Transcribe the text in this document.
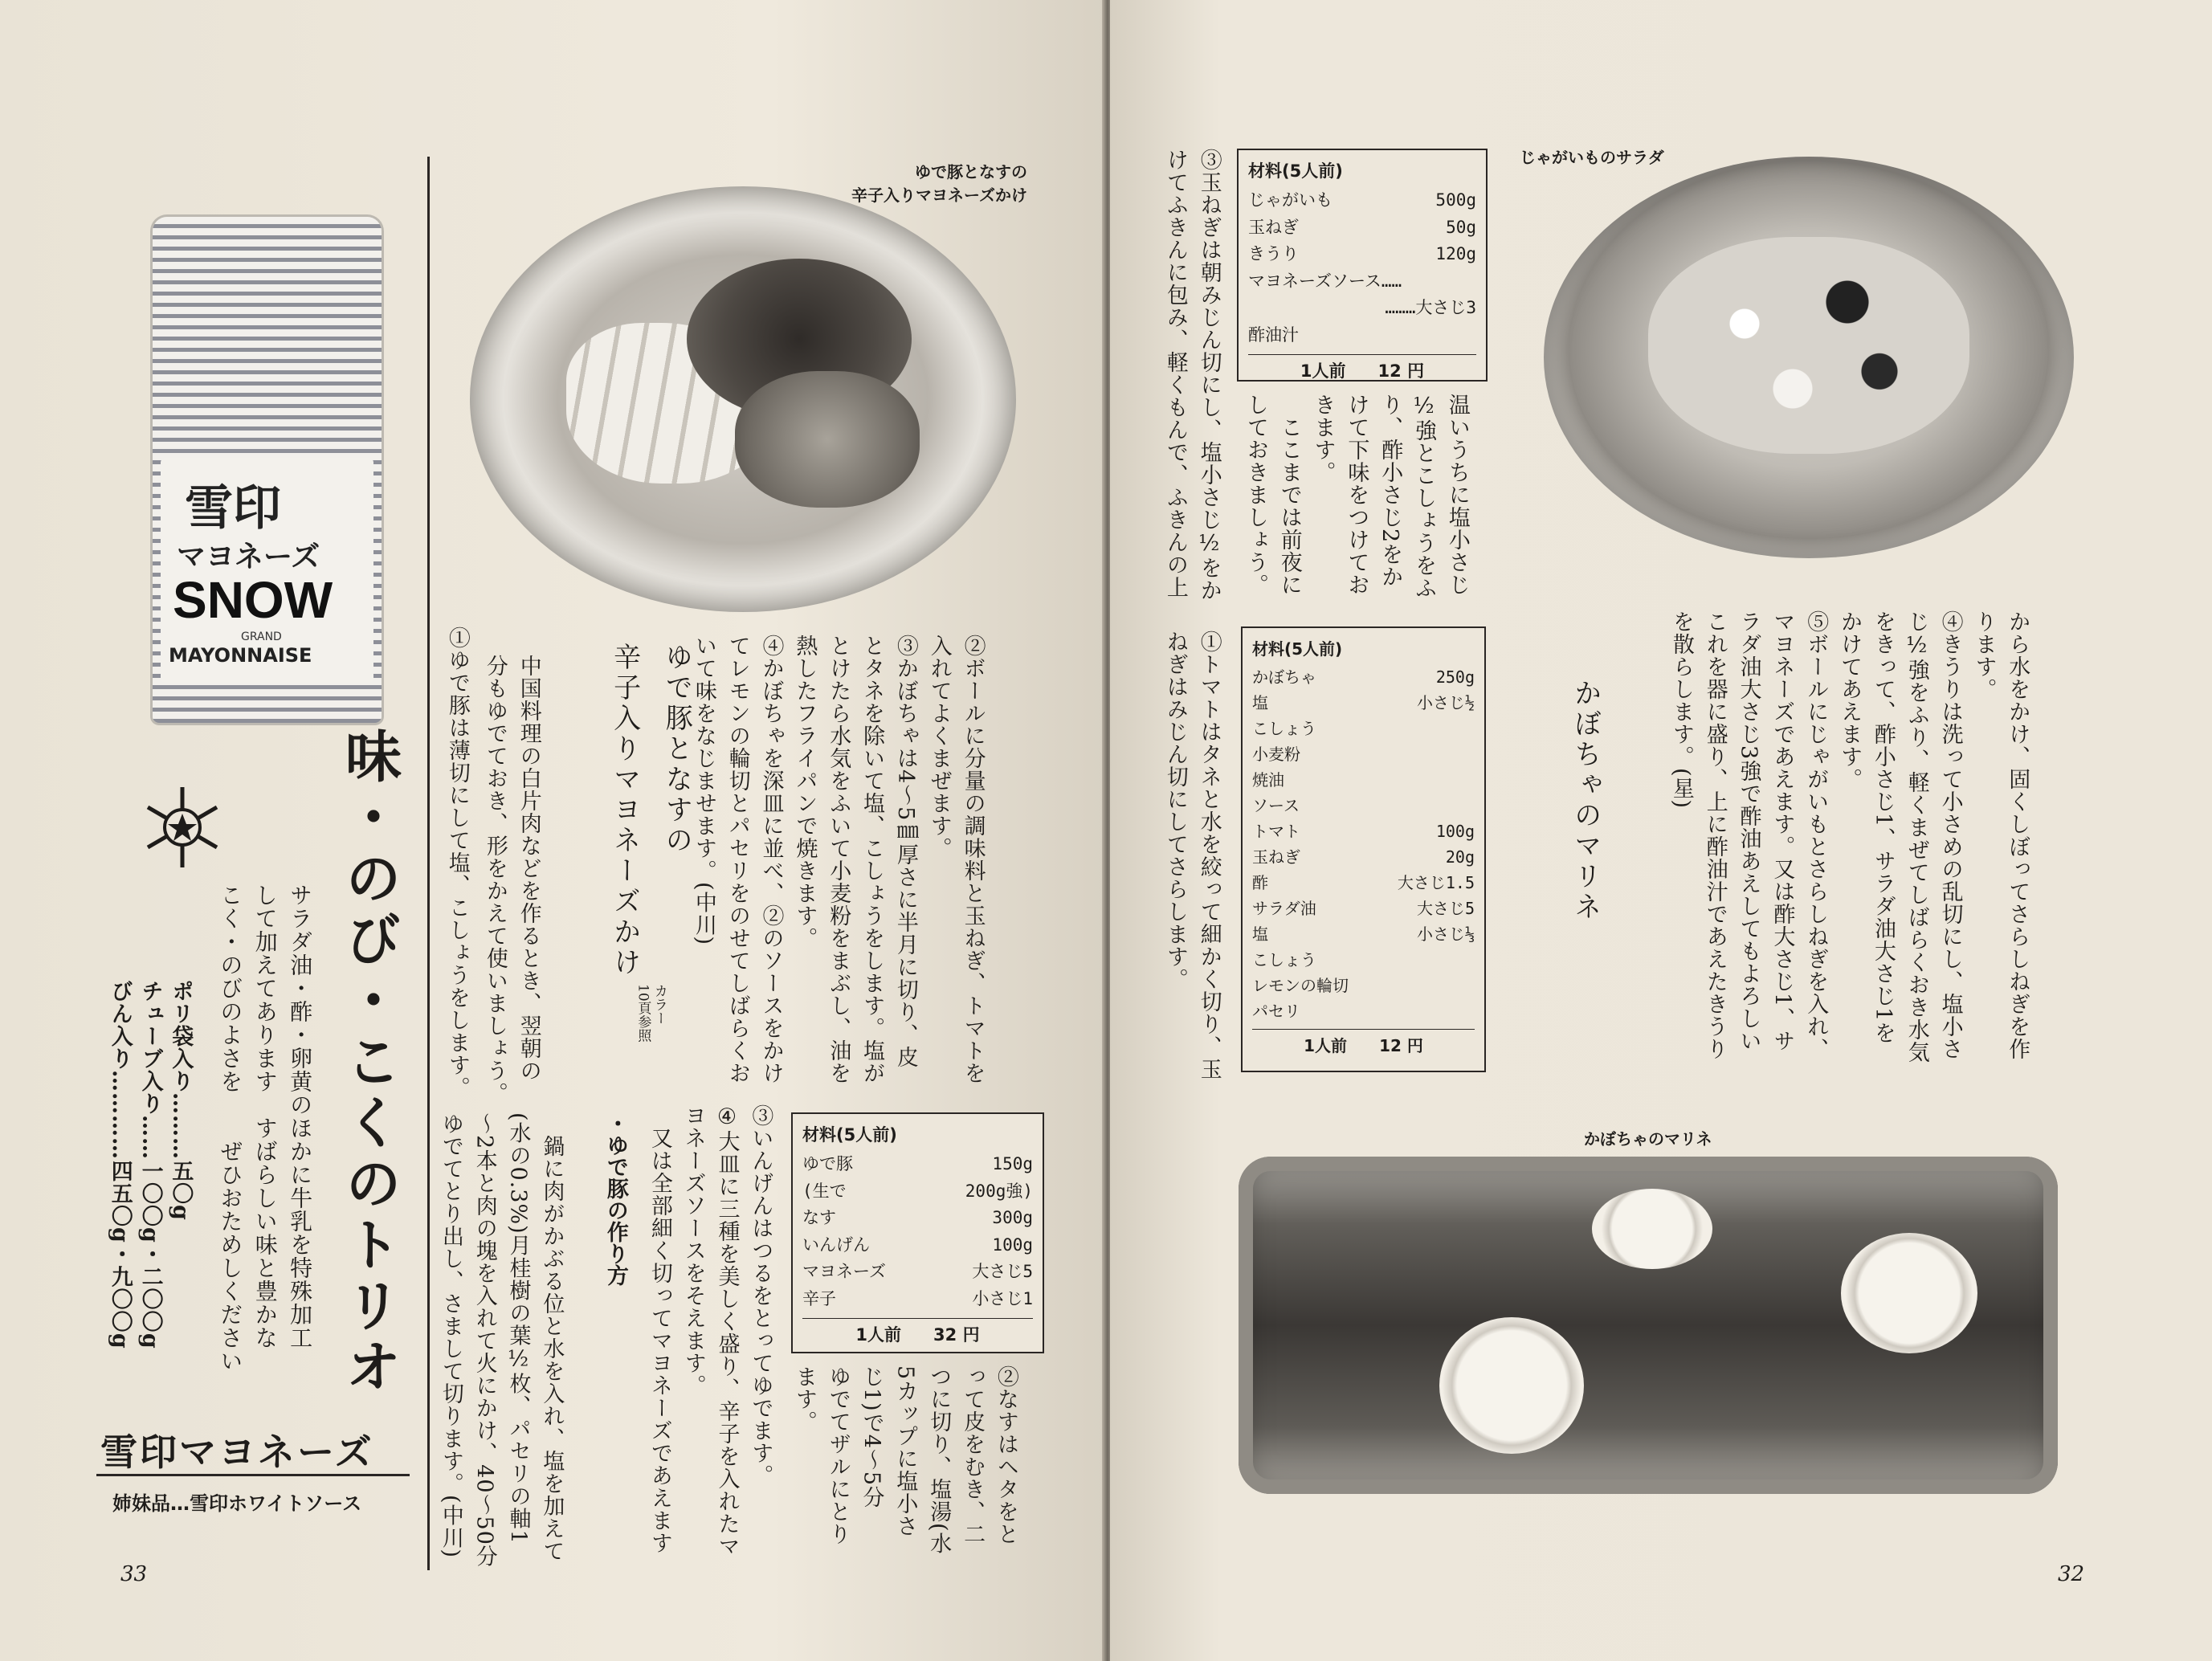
雪印
マヨネーズ
SNOW
GRAND
MAYONNAISE
味・のび・こくのトリオ
サラダ油・酢・卵黄のほかに牛乳を特殊加工
して加えてあります　すばらしい味と豊かな
こく・のびのよさを　　ぜひおためしください
ポリ袋入り………五〇g
チューブ入り……一〇〇g・二〇〇g
びん入り…………四五〇g・九〇〇g
雪印マヨネーズ
姉妹品…雪印ホワイトソース
33
ゆで豚となすの
辛子入りマヨネーズかけ
ゆで豚となすの
辛子入りマヨネーズかけ
カラー
10頁参照	②ボールに分量の調味料と玉ねぎ、トマトを
入れてよくまぜます。
③かぼちゃは4～5㎜厚さに半月に切り、皮
とタネを除いて塩、こしょうをします。塩が
とけたら水気をふいて小麦粉をまぶし、油を
熱したフライパンで焼きます。
④かぼちゃを深皿に並べ、②のソースをかけ
てレモンの輪切とパセリをのせてしばらくお
いて味をなじませます。(中川)
中国料理の白片肉などを作るとき、翌朝の
分もゆでておき、形をかえて使いましょう。
①ゆで豚は薄切にして塩、こしょうをします。
材料(5人前)
ゆで豚	150g
(生で	200g強)
なす	300g
いんげん	100g
マヨネーズ	大さじ5
辛子	小さじ1
1人前 32 円
②なすはヘタをと
って皮をむき、二
つに切り、塩湯(水
5カップに塩小さ
じ1)で4～5分
ゆでてザルにとり
ます。
③いんげんはつるをとってゆでます。
④大皿に三種を美しく盛り、辛子を入れたマ
ヨネーズソースをそえます。
　又は全部細く切ってマヨネーズであえます
・ゆで豚の作り方
　鍋に肉がかぶる位と水を入れ、塩を加えて
(水の0.3%)月桂樹の葉½枚、パセリの軸1
～2本と肉の塊を入れて火にかけ、40～50分
ゆでてとり出し、さまして切ります。(中川)
③玉ねぎは朝みじん切にし、塩小さじ½をか
けてふきんに包み、軽くもんで、ふきんの上	材料(5人前)
じゃがいも	500g
玉ねぎ	50g
きうり	120g
マヨネーズソース……
………大さじ3
酢油汁
1人前 12 円
温いうちに塩小さじ
½強とこしょうをふ
り、酢小さじ2をか
けて下味をつけてお
きます。
　ここまでは前夜に
しておきましょう。
じゃがいものサラダ
から水をかけ、固くしぼってさらしねぎを作
ります。
④きうりは洗って小さめの乱切にし、塩小さ
じ½強をふり、軽くまぜてしばらくおき水気
をきって、酢小さじ1、サラダ油大さじ1を
かけてあえます。
⑤ボールにじゃがいもとさらしねぎを入れ、
マヨネーズであえます。又は酢大さじ1、サ
ラダ油大さじ3強で酢油あえしてもよろしい
これを器に盛り、上に酢油汁であえたきうり
を散らします。(星)
かぼちゃのマリネ
材料(5人前)
かぼちゃ	250g
塩	小さじ½
こしょう
小麦粉
焼油
ソース
トマト	100g
玉ねぎ	20g
酢	大さじ1.5
サラダ油	大さじ5
塩	小さじ⅓
こしょう
レモンの輪切
パセリ
1人前 12 円
①トマトはタネと水を絞って細かく切り、玉
ねぎはみじん切にしてさらします。
かぼちゃのマリネ
32
